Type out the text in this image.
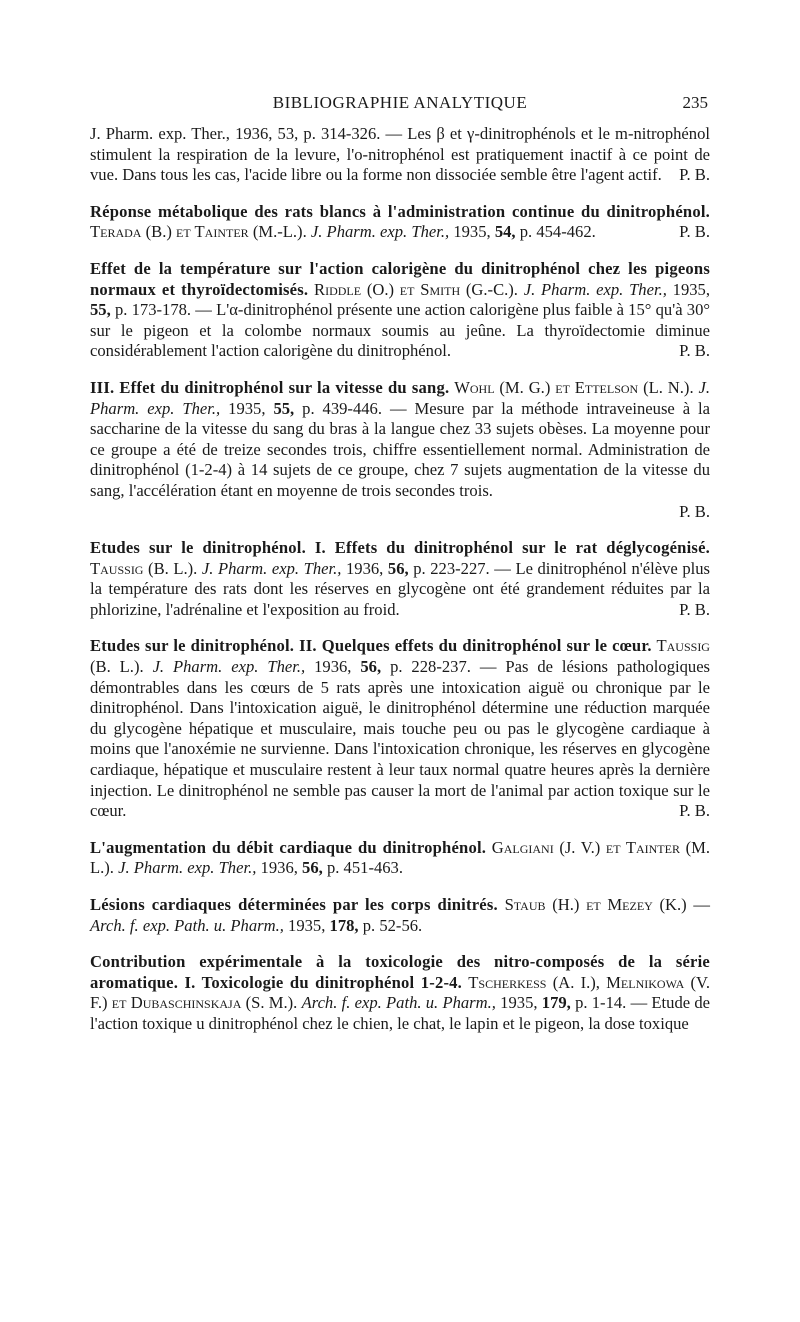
BIBLIOGRAPHIE ANALYTIQUE	235

J. Pharm. exp. Ther., 1936, 53, p. 314-326. — Les β et γ-dinitrophénols et le m-nitrophénol stimulent la respiration de la levure, l'o-nitrophénol est pratiquement inactif à ce point de vue. Dans tous les cas, l'acide libre ou la forme non dissociée semble être l'agent actif. P. B.

Réponse métabolique des rats blancs à l'administration continue du dinitrophénol. Terada (B.) et Tainter (M.-L.). J. Pharm. exp. Ther., 1935, 54, p. 454-462.	P. B.

Effet de la température sur l'action calorigène du dinitrophénol chez les pigeons normaux et thyroïdectomisés. Riddle (O.) et Smith (G.-C.). J. Pharm. exp. Ther., 1935, 55, p. 173-178. — L'α-dinitrophénol présente une action calorigène plus faible à 15° qu'à 30° sur le pigeon et la colombe normaux soumis au jeûne. La thyroïdectomie diminue considérablement l'action calorigène du dinitrophénol.	P. B.

III. Effet du dinitrophénol sur la vitesse du sang. Wohl (M. G.) et Ettelson (L. N.). J. Pharm. exp. Ther., 1935, 55, p. 439-446. — Mesure par la méthode intraveineuse à la saccharine de la vitesse du sang du bras à la langue chez 33 sujets obèses. La moyenne pour ce groupe a été de treize secondes trois, chiffre essentiellement normal. Administration de dinitrophénol (1-2-4) à 14 sujets de ce groupe, chez 7 sujets augmentation de la vitesse du sang, l'accélération étant en moyenne de trois secondes trois.

P. B.

Etudes sur le dinitrophénol. I. Effets du dinitrophénol sur le rat déglycogénisé. Taussig (B. L.). J. Pharm. exp. Ther., 1936, 56, p. 223-227. — Le dinitrophénol n'élève plus la température des rats dont les réserves en glycogène ont été grandement réduites par la phlorizine, l'adrénaline et l'exposition au froid.	P. B.

Etudes sur le dinitrophénol. II. Quelques effets du dinitrophénol sur le cœur. Taussig (B. L.). J. Pharm. exp. Ther., 1936, 56, p. 228-237. — Pas de lésions pathologiques démontrables dans les cœurs de 5 rats après une intoxication aiguë ou chronique par le dinitrophénol. Dans l'intoxication aiguë, le dinitrophénol détermine une réduction marquée du glycogène hépatique et musculaire, mais touche peu ou pas le glycogène cardiaque à moins que l'anoxémie ne survienne. Dans l'intoxication chronique, les réserves en glycogène cardiaque, hépatique et musculaire restent à leur taux normal quatre heures après la dernière injection. Le dinitrophénol ne semble pas causer la mort de l'animal par action toxique sur le cœur.	P. B.

L'augmentation du débit cardiaque du dinitrophénol. Galgiani (J. V.) et Tainter (M. L.). J. Pharm. exp. Ther., 1936, 56, p. 451-463.

Lésions cardiaques déterminées par les corps dinitrés. Staub (H.) et Mezey (K.) — Arch. f. exp. Path. u. Pharm., 1935, 178, p. 52-56.

Contribution expérimentale à la toxicologie des nitro-composés de la série aromatique. I. Toxicologie du dinitrophénol 1-2-4. Tscherkess (A. I.), Melnikowa (V. F.) et Dubaschinskaja (S. M.). Arch. f. exp. Path. u. Pharm., 1935, 179, p. 1-14. — Etude de l'action toxique u dinitrophénol chez le chien, le chat, le lapin et le pigeon, la dose toxique
